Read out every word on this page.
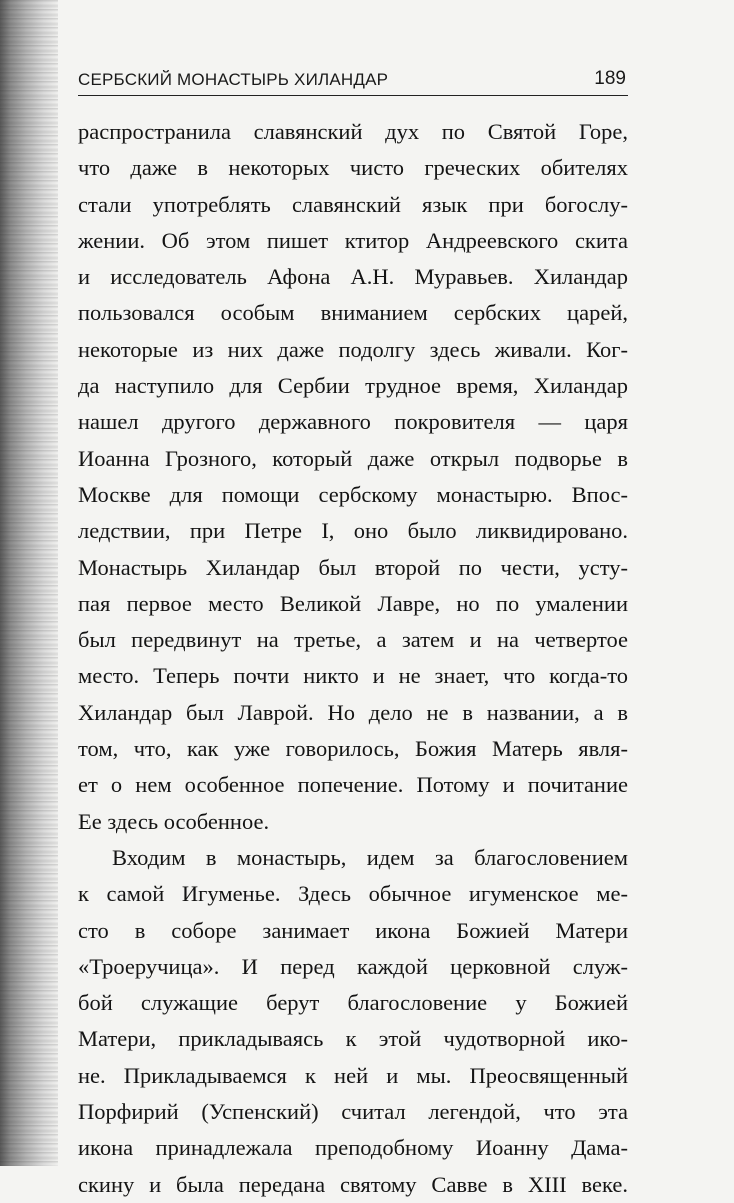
СЕРБСКИЙ МОНАСТЫРЬ ХИЛАНДАР	189
распространила славянский дух по Святой Горе,
что даже в некоторых чисто греческих обителях
стали употреблять славянский язык при богослу-
жении. Об этом пишет ктитор Андреевского скита
и исследователь Афона А.Н. Муравьев. Хиландар
пользовался особым вниманием сербских царей,
некоторые из них даже подолгу здесь живали. Ког-
да наступило для Сербии трудное время, Хиландар
нашел другого державного покровителя — царя
Иоанна Грозного, который даже открыл подворье в
Москве для помощи сербскому монастырю. Впос-
ледствии, при Петре I, оно было ликвидировано.
Монастырь Хиландар был второй по чести, усту-
пая первое место Великой Лавре, но по умалении
был передвинут на третье, а затем и на четвертое
место. Теперь почти никто и не знает, что когда-то
Хиландар был Лаврой. Но дело не в названии, а в
том, что, как уже говорилось, Божия Матерь явля-
ет о нем особенное попечение. Потому и почитание
Ее здесь особенное.
Входим в монастырь, идем за благословением
к самой Игуменье. Здесь обычное игуменское ме-
сто в соборе занимает икона Божией Матери
«Троеручица». И перед каждой церковной служ-
бой служащие берут благословение у Божией
Матери, прикладываясь к этой чудотворной ико-
не. Прикладываемся к ней и мы. Преосвященный
Порфирий (Успенский) считал легендой, что эта
икона принадлежала преподобному Иоанну Дама-
скину и была передана святому Савве в XIII веке.
